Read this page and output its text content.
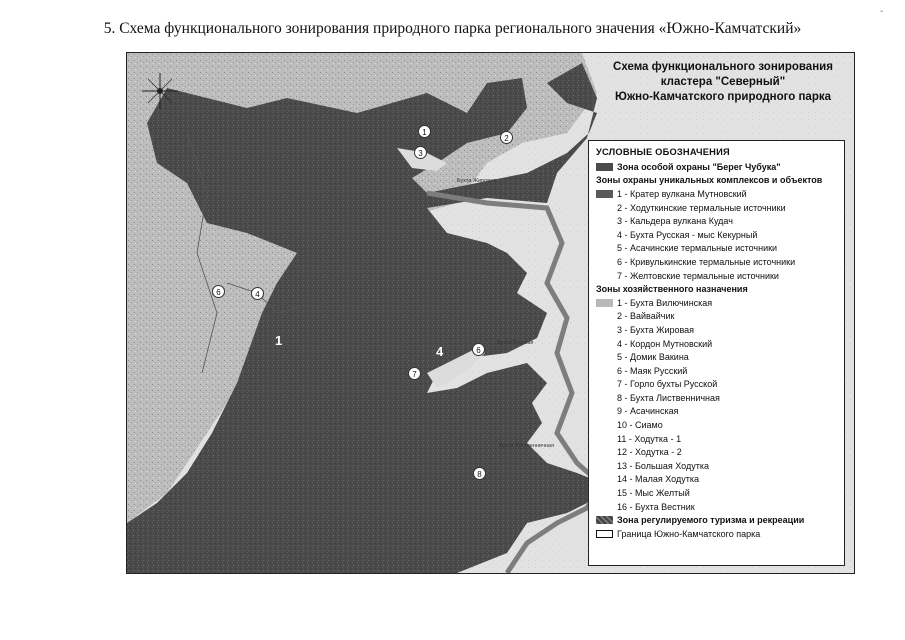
5. Схема функционального зонирования природного парка регионального значения «Южно-Камчатский»
-
Бухта Жировая
Бухта Русская
Бухта Лиственничная
1
2
3
6	4
6
7
8
1
4
Схема функционального зонирования
кластера "Северный"
Южно-Камчатского природного парка
УСЛОВНЫЕ ОБОЗНАЧЕНИЯ
Зона особой охраны "Берег Чубука"
Зоны охраны уникальных комплексов и объектов
1 - Кратер вулкана Мутновский
2 - Ходуткинские термальные источники
3 - Кальдера вулкана Кудач
4 - Бухта Русская - мыс Кекурный
5 - Асачинские термальные источники
6 - Кривулькинские термальные источники
7 - Желтовские термальные источники
Зоны хозяйственного назначения
1 - Бухта Вилючинская
2 - Вайвайчик
3 - Бухта Жировая
4 - Кордон Мутновский
5 - Домик Вакина
6 - Маяк Русский
7 - Горло бухты Русской
8 - Бухта Лиственничная
9 - Асачинская
10 - Сиамо
11 - Ходутка - 1
12 - Ходутка - 2
13 - Большая Ходутка
14 - Малая Ходутка
15 - Мыс Желтый
16 - Бухта Вестник
Зона регулируемого туризма и рекреации
Граница Южно-Камчатского парка
